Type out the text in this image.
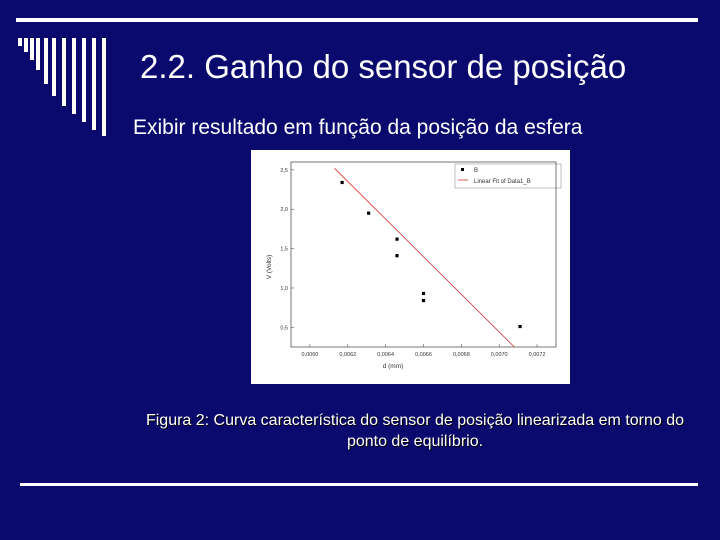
2.2. Ganho do sensor de posição
Exibir resultado em função da posição da esfera
B
Linear Fit of Data1_B
d (mm)
V (Volts)
0,0060	0,0062	0,0064	0,0066	0,0068	0,0070	0,0072
0,5
1,0
1,5
2,0
2,5
Figura 2: Curva característica do sensor de posição linearizada em torno do ponto de equilíbrio.
